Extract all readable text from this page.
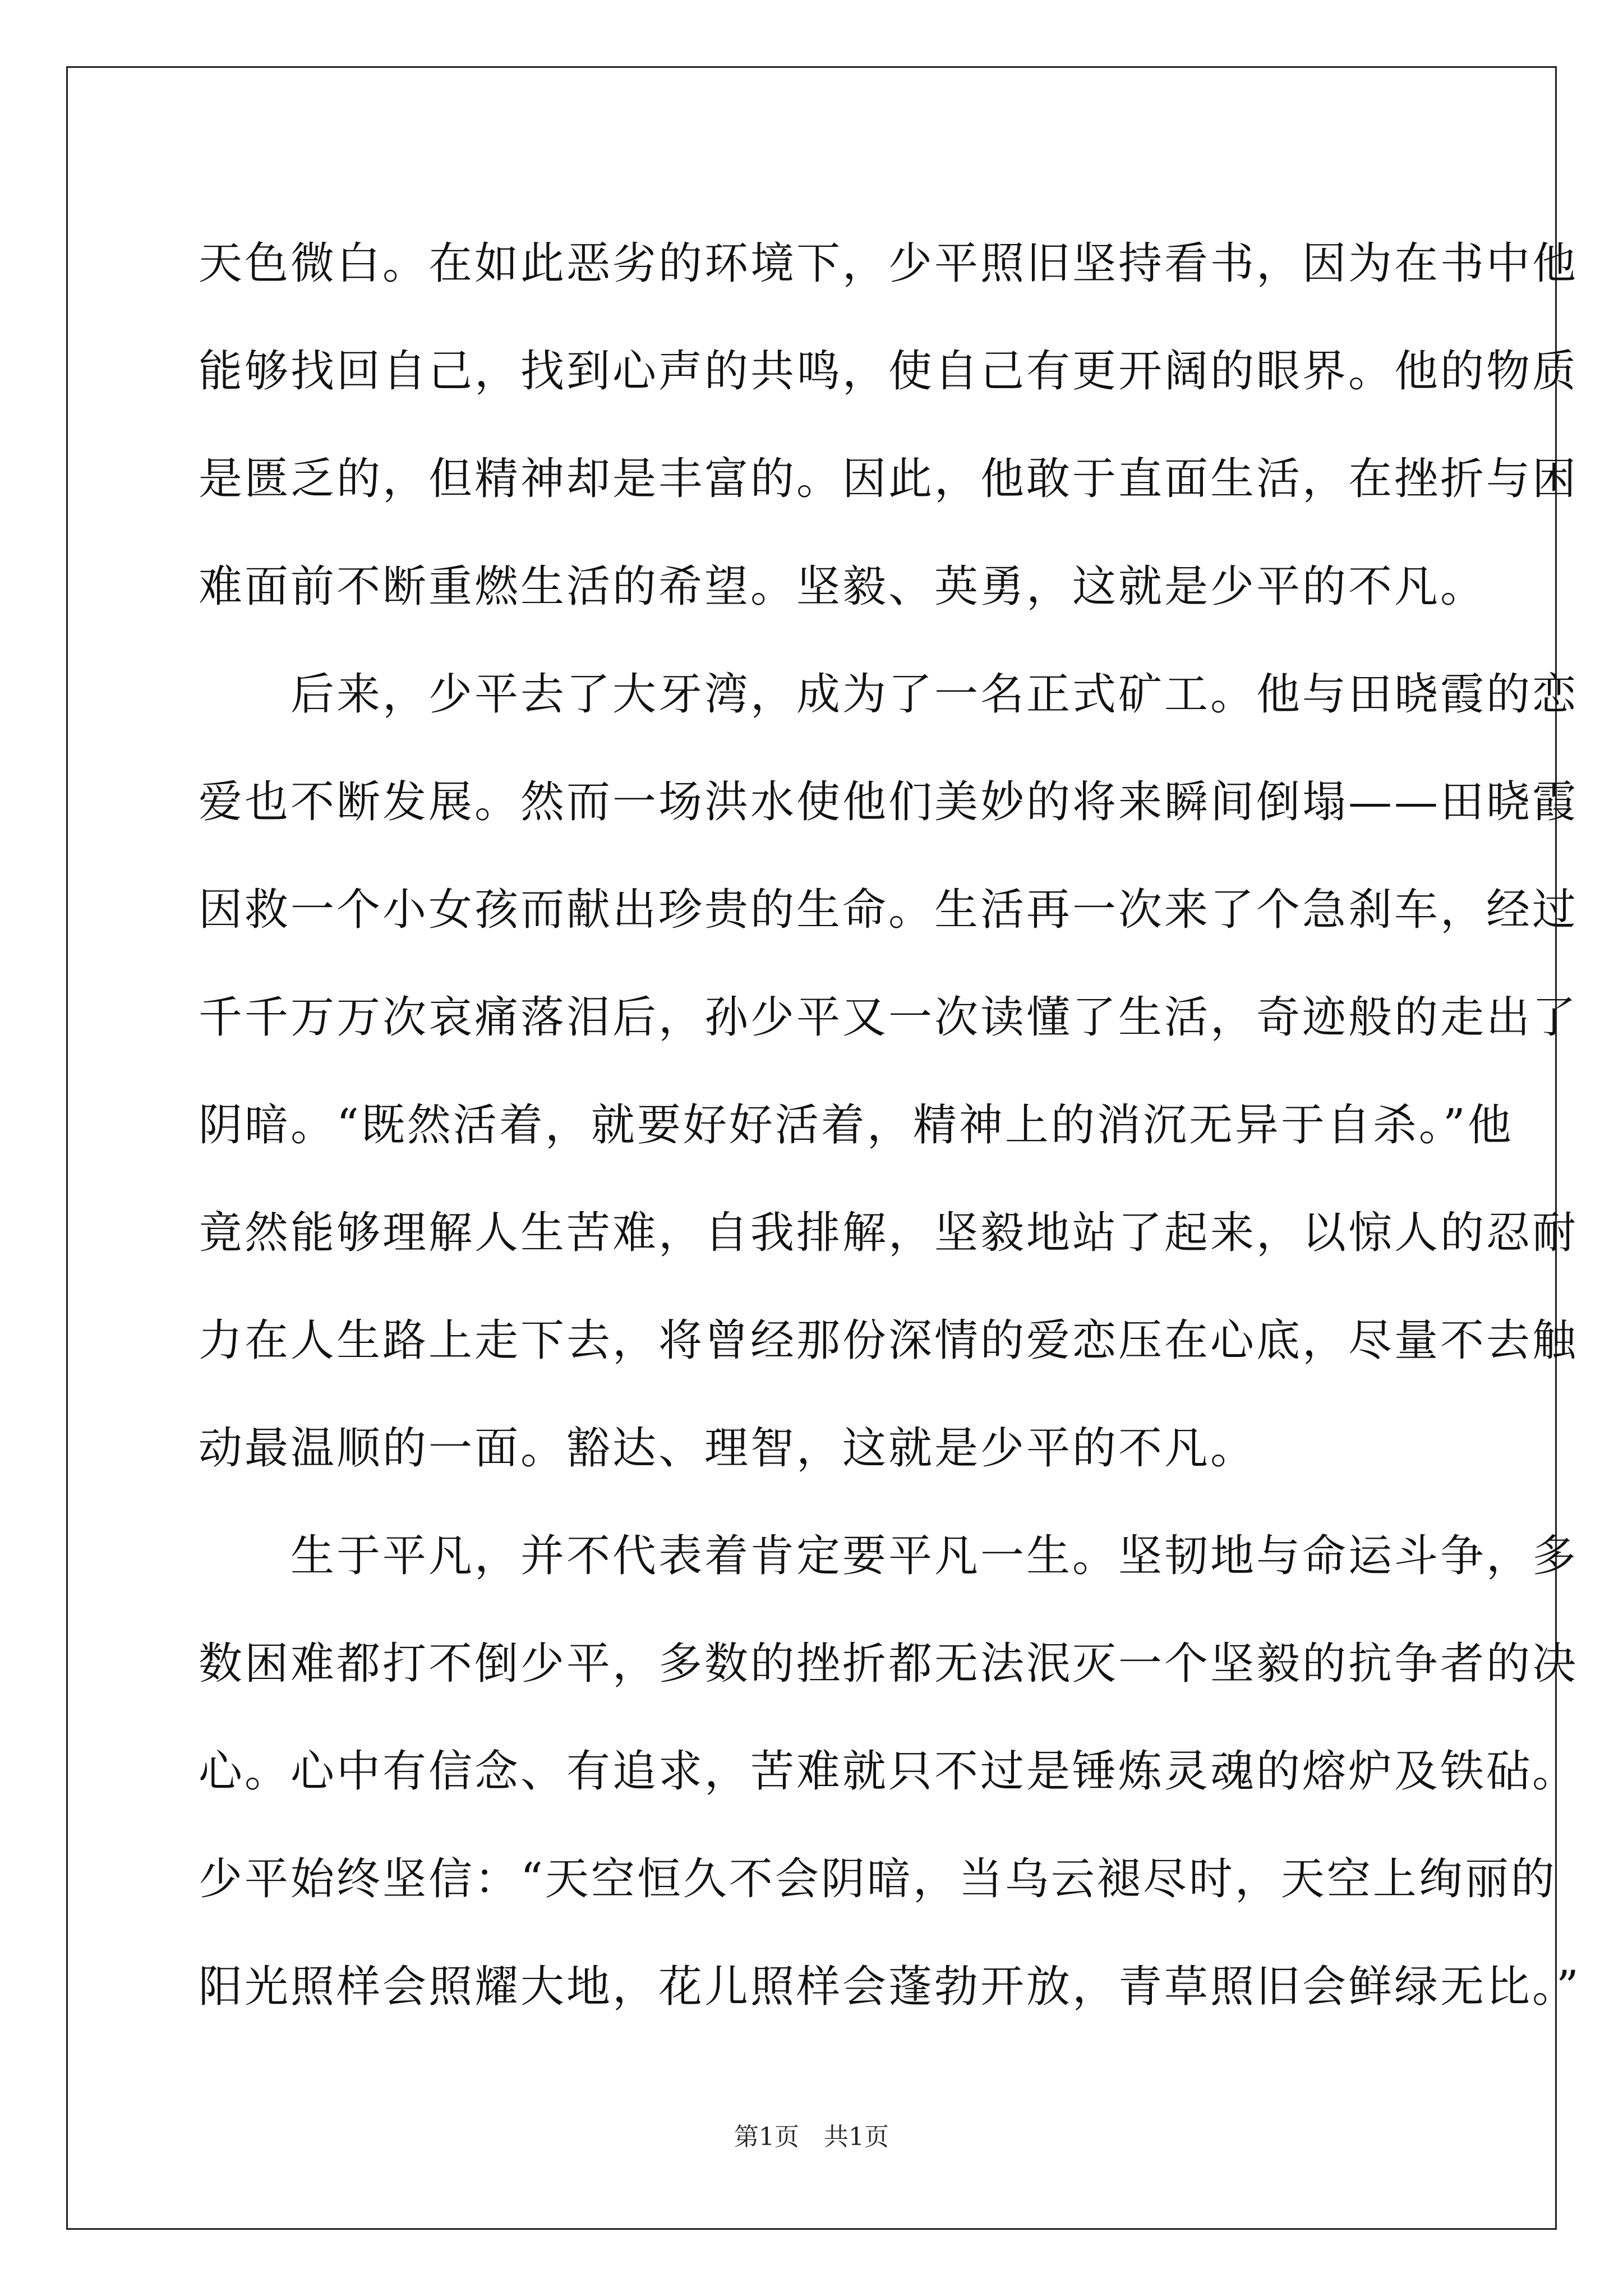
天色微白。在如此恶劣的环境下，少平照旧坚持看书，因为在书中他
能够找回自己，找到心声的共鸣，使自己有更开阔的眼界。他的物质
是匮乏的，但精神却是丰富的。因此，他敢于直面生活，在挫折与困
难面前不断重燃生活的希望。坚毅、英勇，这就是少平的不凡。
　　后来，少平去了大牙湾，成为了一名正式矿工。他与田晓霞的恋
爱也不断发展。然而一场洪水使他们美妙的将来瞬间倒塌——田晓霞
因救一个小女孩而献出珍贵的生命。生活再一次来了个急刹车，经过
千千万万次哀痛落泪后，孙少平又一次读懂了生活，奇迹般的走出了
阴暗。“既然活着，就要好好活着，精神上的消沉无异于自杀。”他
竟然能够理解人生苦难，自我排解，坚毅地站了起来，以惊人的忍耐
力在人生路上走下去，将曾经那份深情的爱恋压在心底，尽量不去触
动最温顺的一面。豁达、理智，这就是少平的不凡。
　　生于平凡，并不代表着肯定要平凡一生。坚韧地与命运斗争，多
数困难都打不倒少平，多数的挫折都无法泯灭一个坚毅的抗争者的决
心。心中有信念、有追求，苦难就只不过是锤炼灵魂的熔炉及铁砧。
少平始终坚信：“天空恒久不会阴暗，当乌云褪尽时，天空上绚丽的
阳光照样会照耀大地，花儿照样会蓬勃开放，青草照旧会鲜绿无比。”
第1页　共1页
